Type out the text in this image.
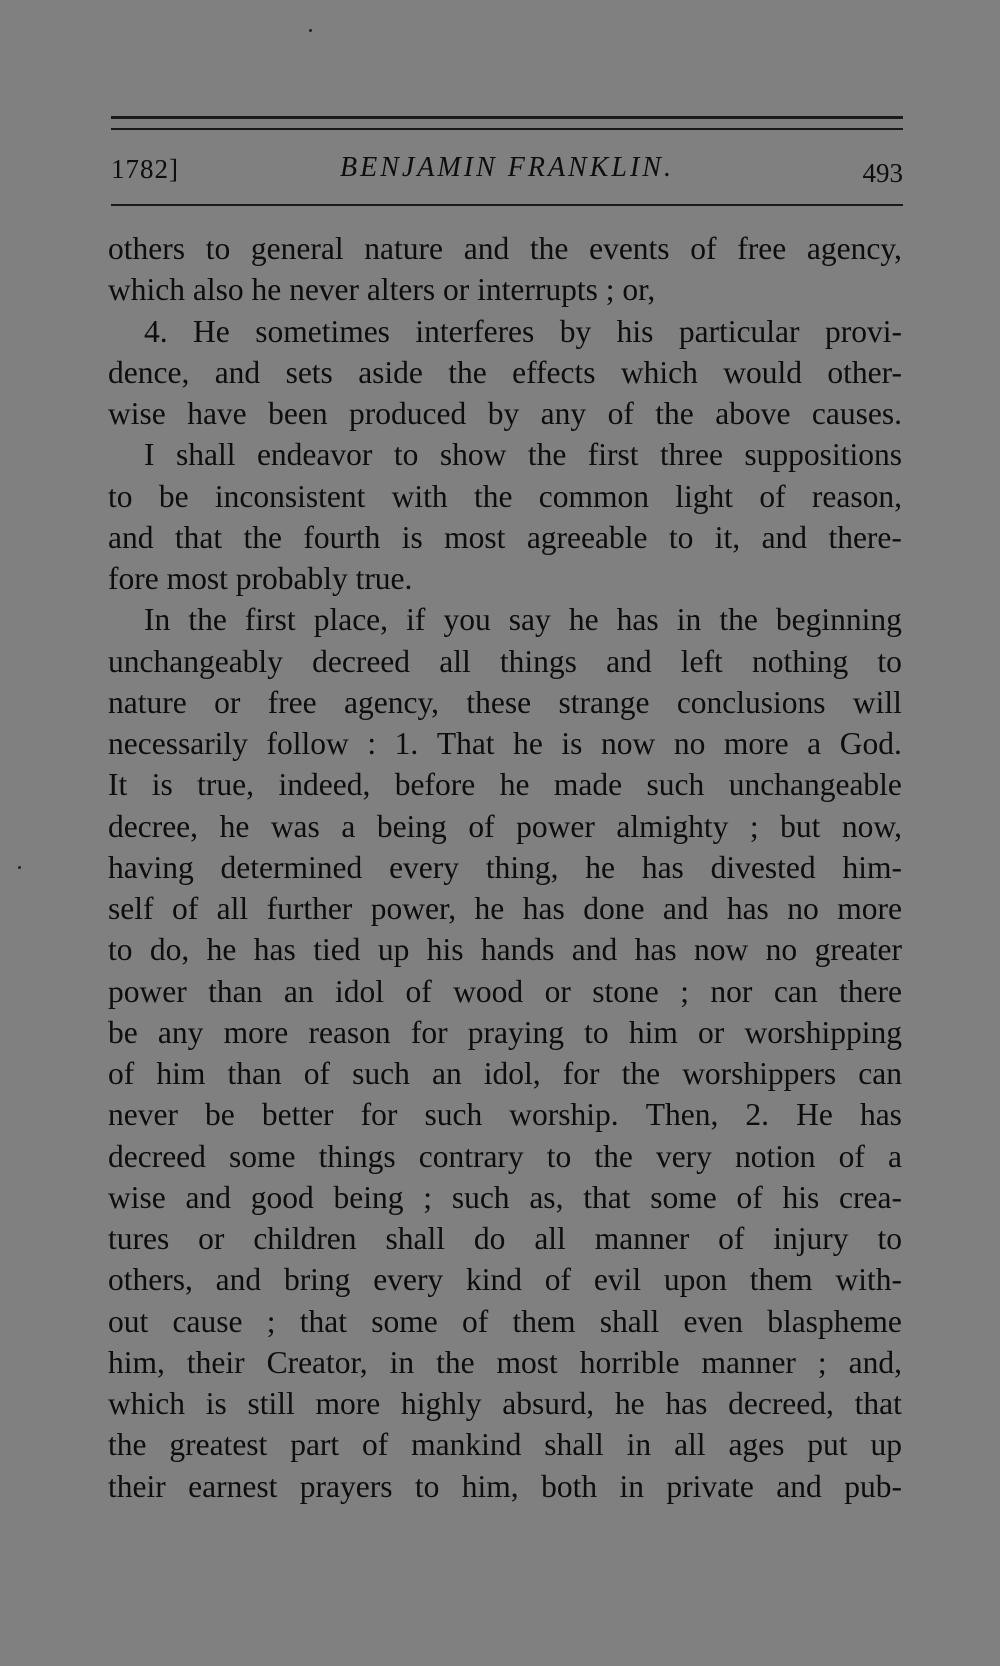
1782]	BENJAMIN FRANKLIN.	493
others to general nature and the events of free agency,
which also he never alters or interrupts ; or,
4. He sometimes interferes by his particular provi-
dence, and sets aside the effects which would other-
wise have been produced by any of the above causes.
I shall endeavor to show the first three suppositions
to be inconsistent with the common light of reason,
and that the fourth is most agreeable to it, and there-
fore most probably true.
In the first place, if you say he has in the beginning
unchangeably decreed all things and left nothing to
nature or free agency, these strange conclusions will
necessarily follow : 1. That he is now no more a God.
It is true, indeed, before he made such unchangeable
decree, he was a being of power almighty ; but now,
having determined every thing, he has divested him-
self of all further power, he has done and has no more
to do, he has tied up his hands and has now no greater
power than an idol of wood or stone ; nor can there
be any more reason for praying to him or worshipping
of him than of such an idol, for the worshippers can
never be better for such worship. Then, 2. He has
decreed some things contrary to the very notion of a
wise and good being ; such as, that some of his crea-
tures or children shall do all manner of injury to
others, and bring every kind of evil upon them with-
out cause ; that some of them shall even blaspheme
him, their Creator, in the most horrible manner ; and,
which is still more highly absurd, he has decreed, that
the greatest part of mankind shall in all ages put up
their earnest prayers to him, both in private and pub-
